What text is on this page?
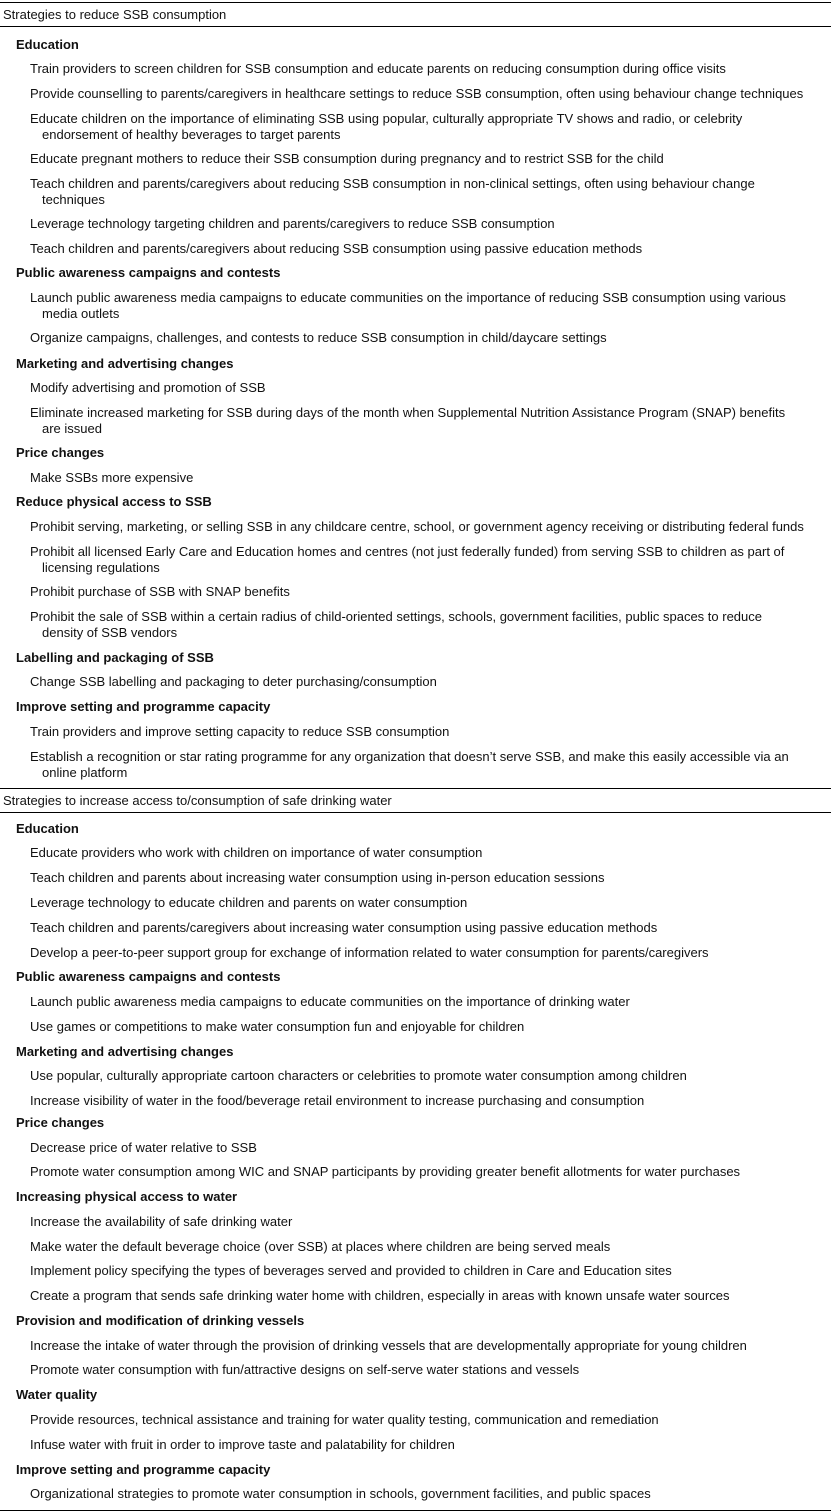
Strategies to reduce SSB consumption
Education
Train providers to screen children for SSB consumption and educate parents on reducing consumption during office visits
Provide counselling to parents/caregivers in healthcare settings to reduce SSB consumption, often using behaviour change techniques
Educate children on the importance of eliminating SSB using popular, culturally appropriate TV shows and radio, or celebrity
endorsement of healthy beverages to target parents
Educate pregnant mothers to reduce their SSB consumption during pregnancy and to restrict SSB for the child
Teach children and parents/caregivers about reducing SSB consumption in non-clinical settings, often using behaviour change
techniques
Leverage technology targeting children and parents/caregivers to reduce SSB consumption
Teach children and parents/caregivers about reducing SSB consumption using passive education methods
Public awareness campaigns and contests
Launch public awareness media campaigns to educate communities on the importance of reducing SSB consumption using various
media outlets
Organize campaigns, challenges, and contests to reduce SSB consumption in child/daycare settings
Marketing and advertising changes
Modify advertising and promotion of SSB
Eliminate increased marketing for SSB during days of the month when Supplemental Nutrition Assistance Program (SNAP) benefits
are issued
Price changes
Make SSBs more expensive
Reduce physical access to SSB
Prohibit serving, marketing, or selling SSB in any childcare centre, school, or government agency receiving or distributing federal funds
Prohibit all licensed Early Care and Education homes and centres (not just federally funded) from serving SSB to children as part of
licensing regulations
Prohibit purchase of SSB with SNAP benefits
Prohibit the sale of SSB within a certain radius of child-oriented settings, schools, government facilities, public spaces to reduce
density of SSB vendors
Labelling and packaging of SSB
Change SSB labelling and packaging to deter purchasing/consumption
Improve setting and programme capacity
Train providers and improve setting capacity to reduce SSB consumption
Establish a recognition or star rating programme for any organization that doesn’t serve SSB, and make this easily accessible via an
online platform
Strategies to increase access to/consumption of safe drinking water
Education
Educate providers who work with children on importance of water consumption
Teach children and parents about increasing water consumption using in-person education sessions
Leverage technology to educate children and parents on water consumption
Teach children and parents/caregivers about increasing water consumption using passive education methods
Develop a peer-to-peer support group for exchange of information related to water consumption for parents/caregivers
Public awareness campaigns and contests
Launch public awareness media campaigns to educate communities on the importance of drinking water
Use games or competitions to make water consumption fun and enjoyable for children
Marketing and advertising changes
Use popular, culturally appropriate cartoon characters or celebrities to promote water consumption among children
Increase visibility of water in the food/beverage retail environment to increase purchasing and consumption
Price changes
Decrease price of water relative to SSB
Promote water consumption among WIC and SNAP participants by providing greater benefit allotments for water purchases
Increasing physical access to water
Increase the availability of safe drinking water
Make water the default beverage choice (over SSB) at places where children are being served meals
Implement policy specifying the types of beverages served and provided to children in Care and Education sites
Create a program that sends safe drinking water home with children, especially in areas with known unsafe water sources
Provision and modification of drinking vessels
Increase the intake of water through the provision of drinking vessels that are developmentally appropriate for young children
Promote water consumption with fun/attractive designs on self-serve water stations and vessels
Water quality
Provide resources, technical assistance and training for water quality testing, communication and remediation
Infuse water with fruit in order to improve taste and palatability for children
Improve setting and programme capacity
Organizational strategies to promote water consumption in schools, government facilities, and public spaces
